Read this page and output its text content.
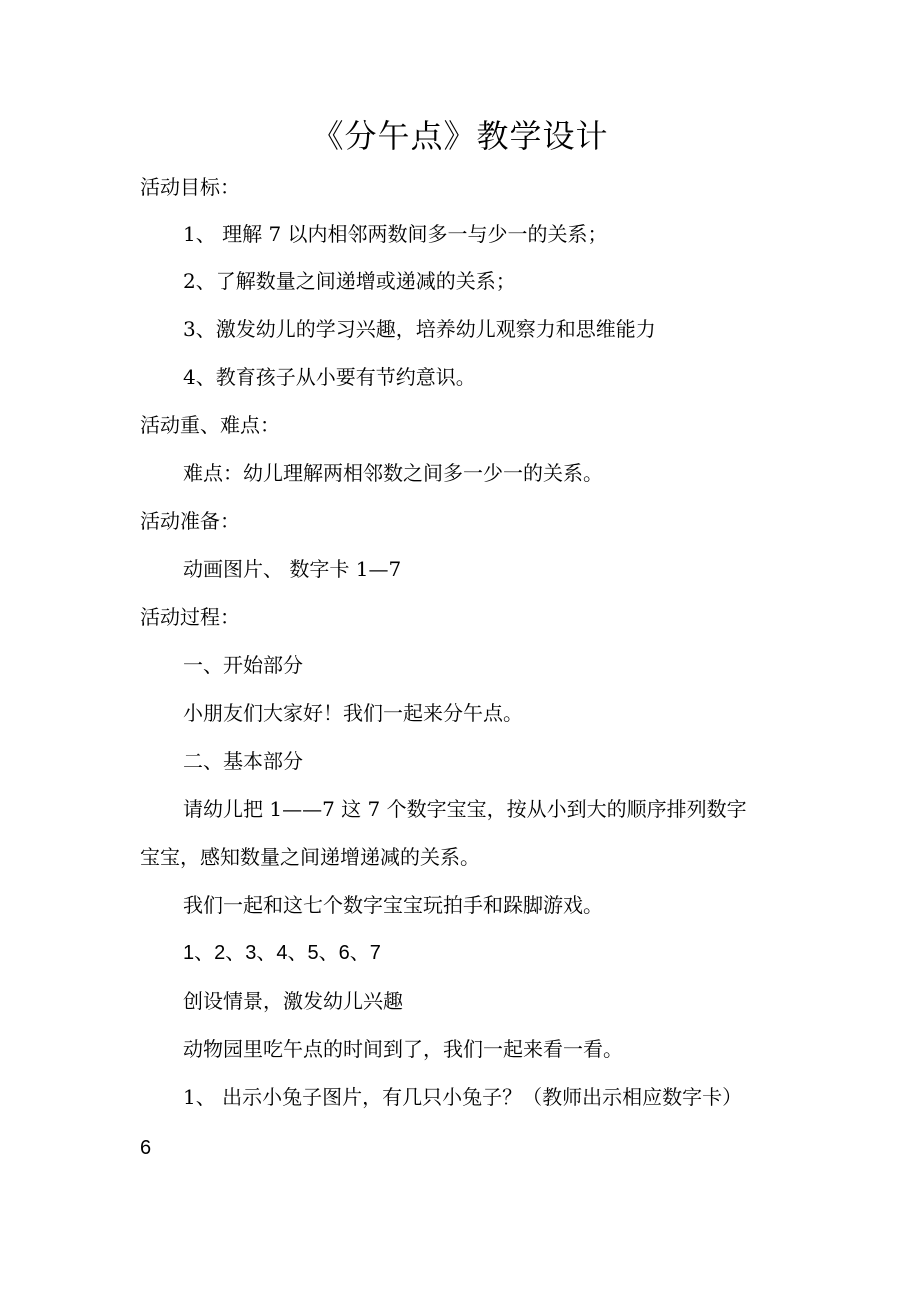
《分午点》教学设计
活动目标：
1、 理解 7 以内相邻两数间多一与少一的关系；
2、了解数量之间递增或递减的关系；
3、激发幼儿的学习兴趣，培养幼儿观察力和思维能力
4、教育孩子从小要有节约意识。
活动重、难点：
难点：幼儿理解两相邻数之间多一少一的关系。
活动准备：
动画图片、 数字卡 1—7
活动过程：
一、开始部分
小朋友们大家好！我们一起来分午点。
二、基本部分
请幼儿把 1——7 这 7 个数字宝宝，按从小到大的顺序排列数字
宝宝，感知数量之间递增递减的关系。
我们一起和这七个数字宝宝玩拍手和跺脚游戏。
1、2、3、4、5、6、7
创设情景，激发幼儿兴趣
动物园里吃午点的时间到了，我们一起来看一看。
1、 出示小兔子图片，有几只小兔子？（教师出示相应数字卡）
6
